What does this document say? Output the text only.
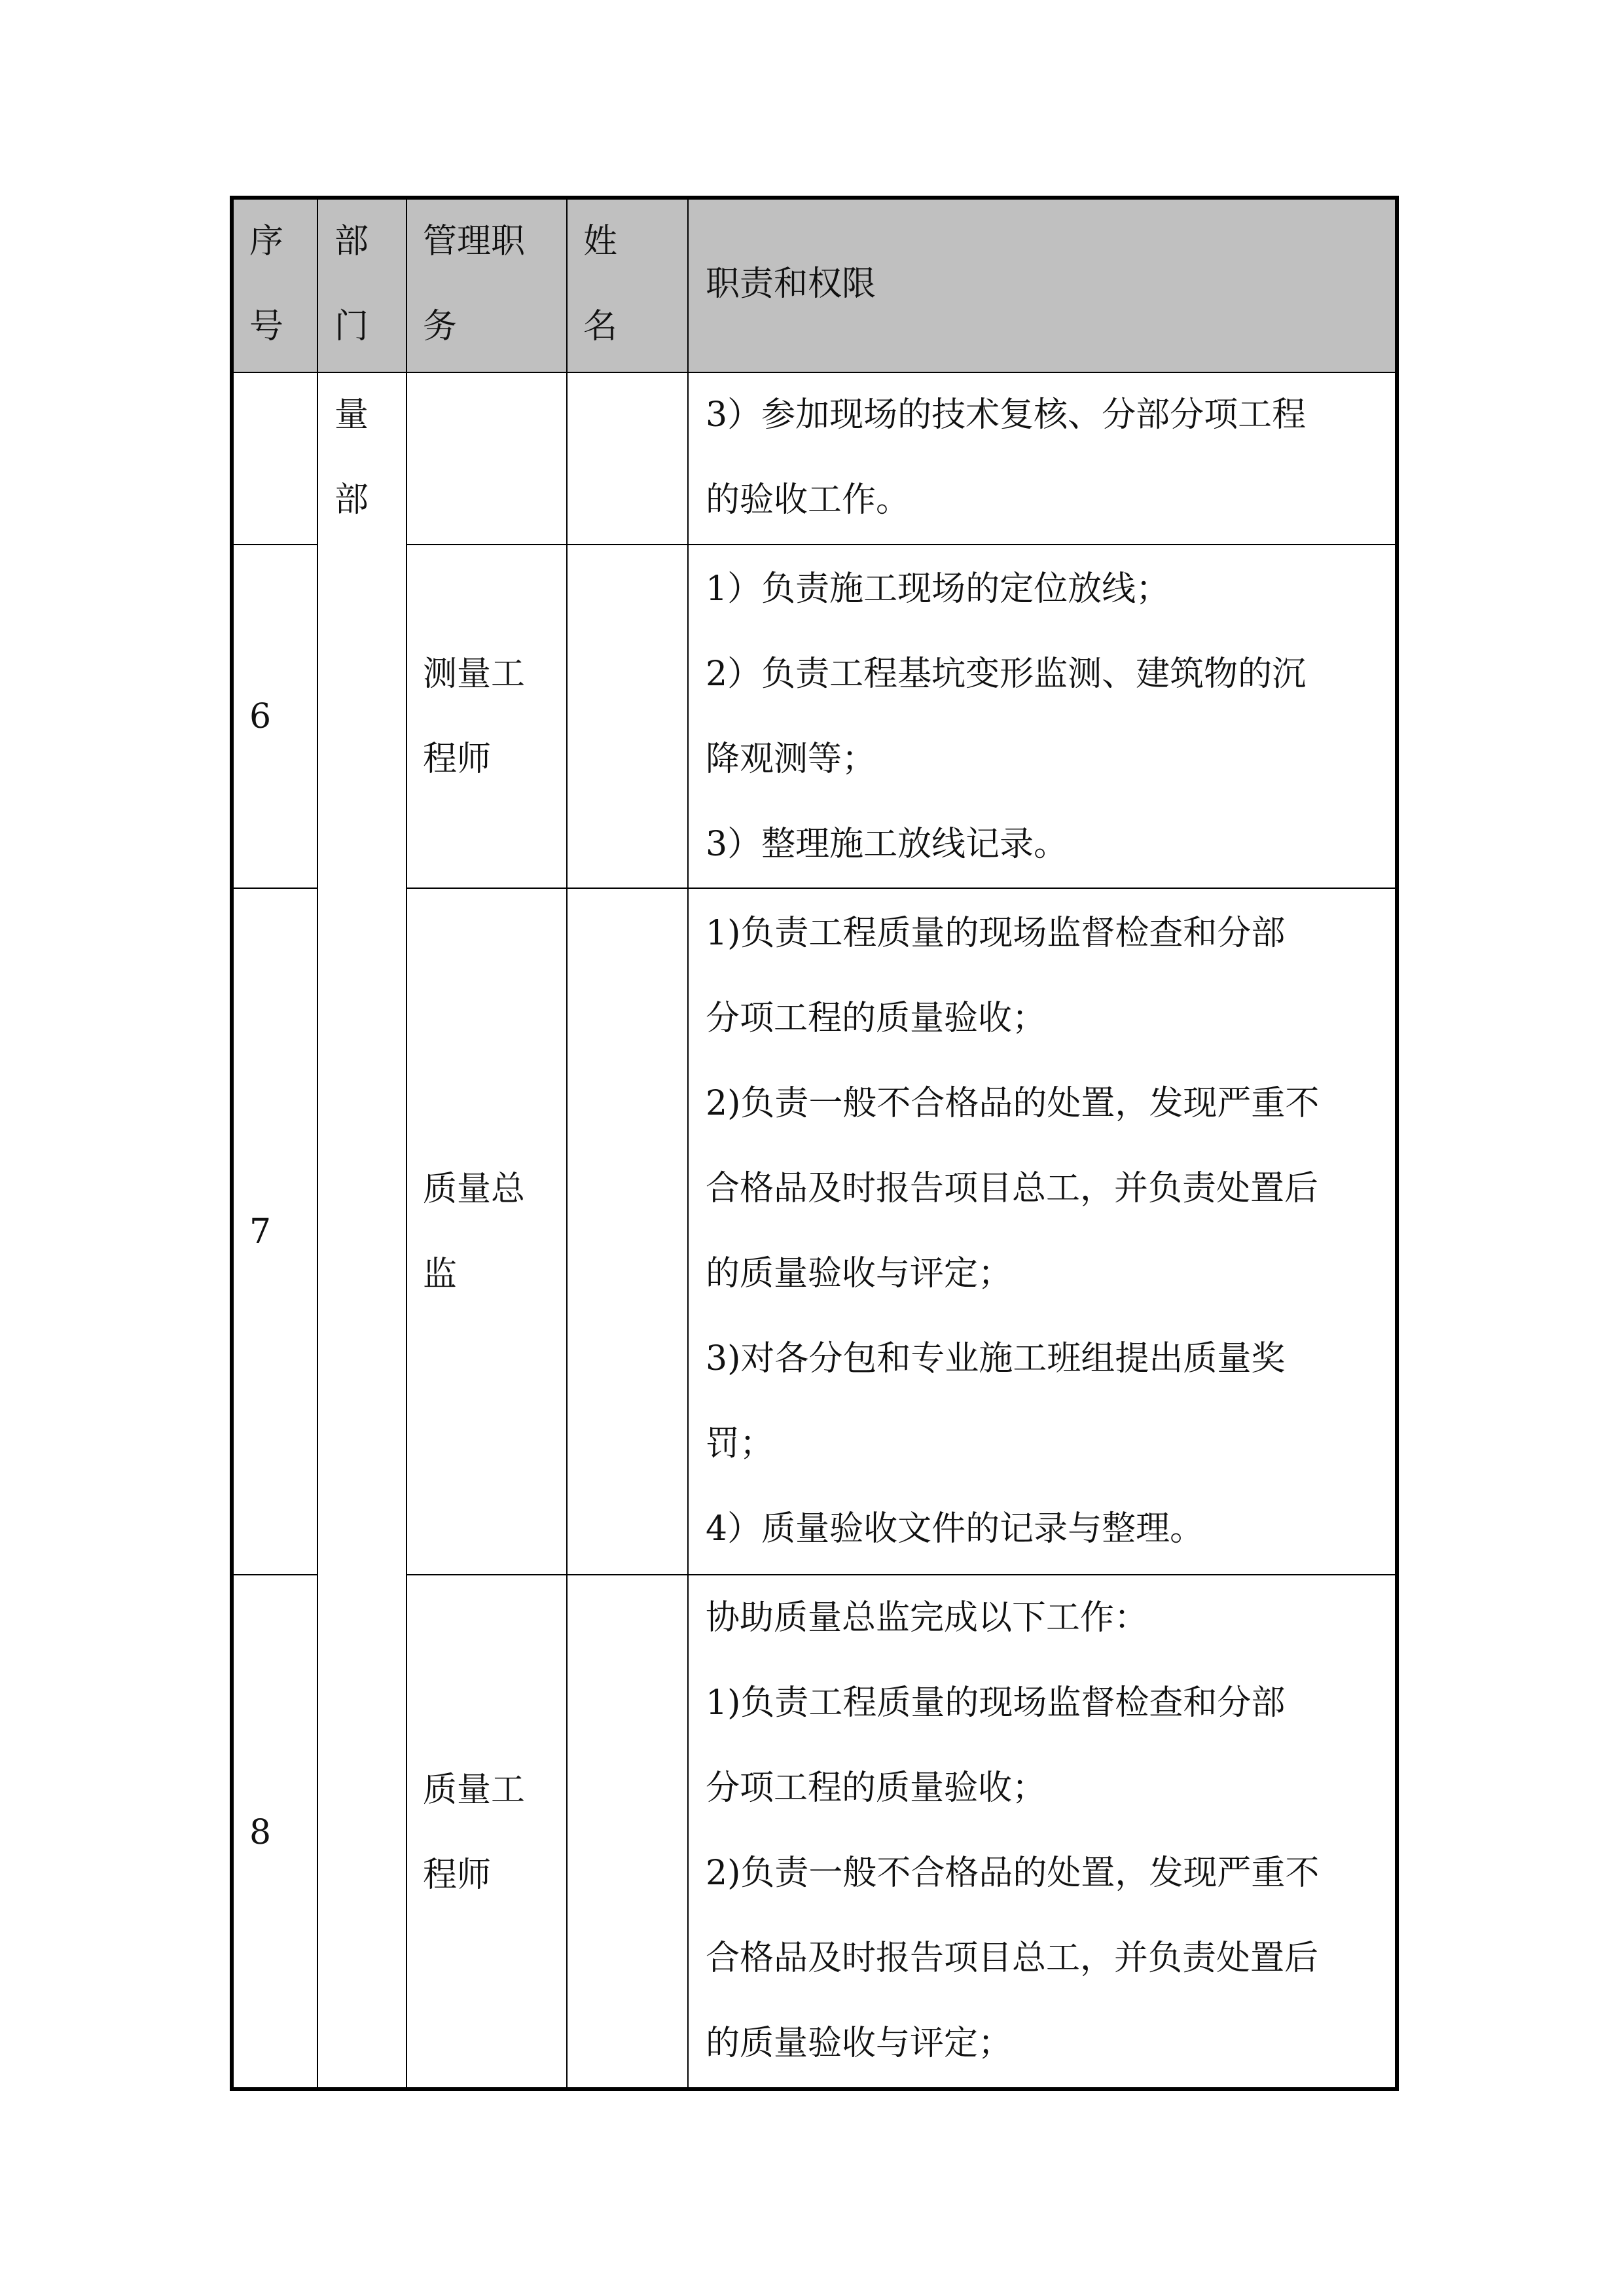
序
号
部
门
管理职
务
姓
名
职责和权限
量
部
3）参加现场的技术复核、分部分项工程
的验收工作。
6
测量工
程师
1）负责施工现场的定位放线；
2）负责工程基坑变形监测、建筑物的沉
降观测等；
3）整理施工放线记录。
7
质量总
监
1)负责工程质量的现场监督检查和分部
分项工程的质量验收；
2)负责一般不合格品的处置，发现严重不
合格品及时报告项目总工，并负责处置后
的质量验收与评定；
3)对各分包和专业施工班组提出质量奖
罚；
4）质量验收文件的记录与整理。
8
质量工
程师
协助质量总监完成以下工作：
1)负责工程质量的现场监督检查和分部
分项工程的质量验收；
2)负责一般不合格品的处置，发现严重不
合格品及时报告项目总工，并负责处置后
的质量验收与评定；
